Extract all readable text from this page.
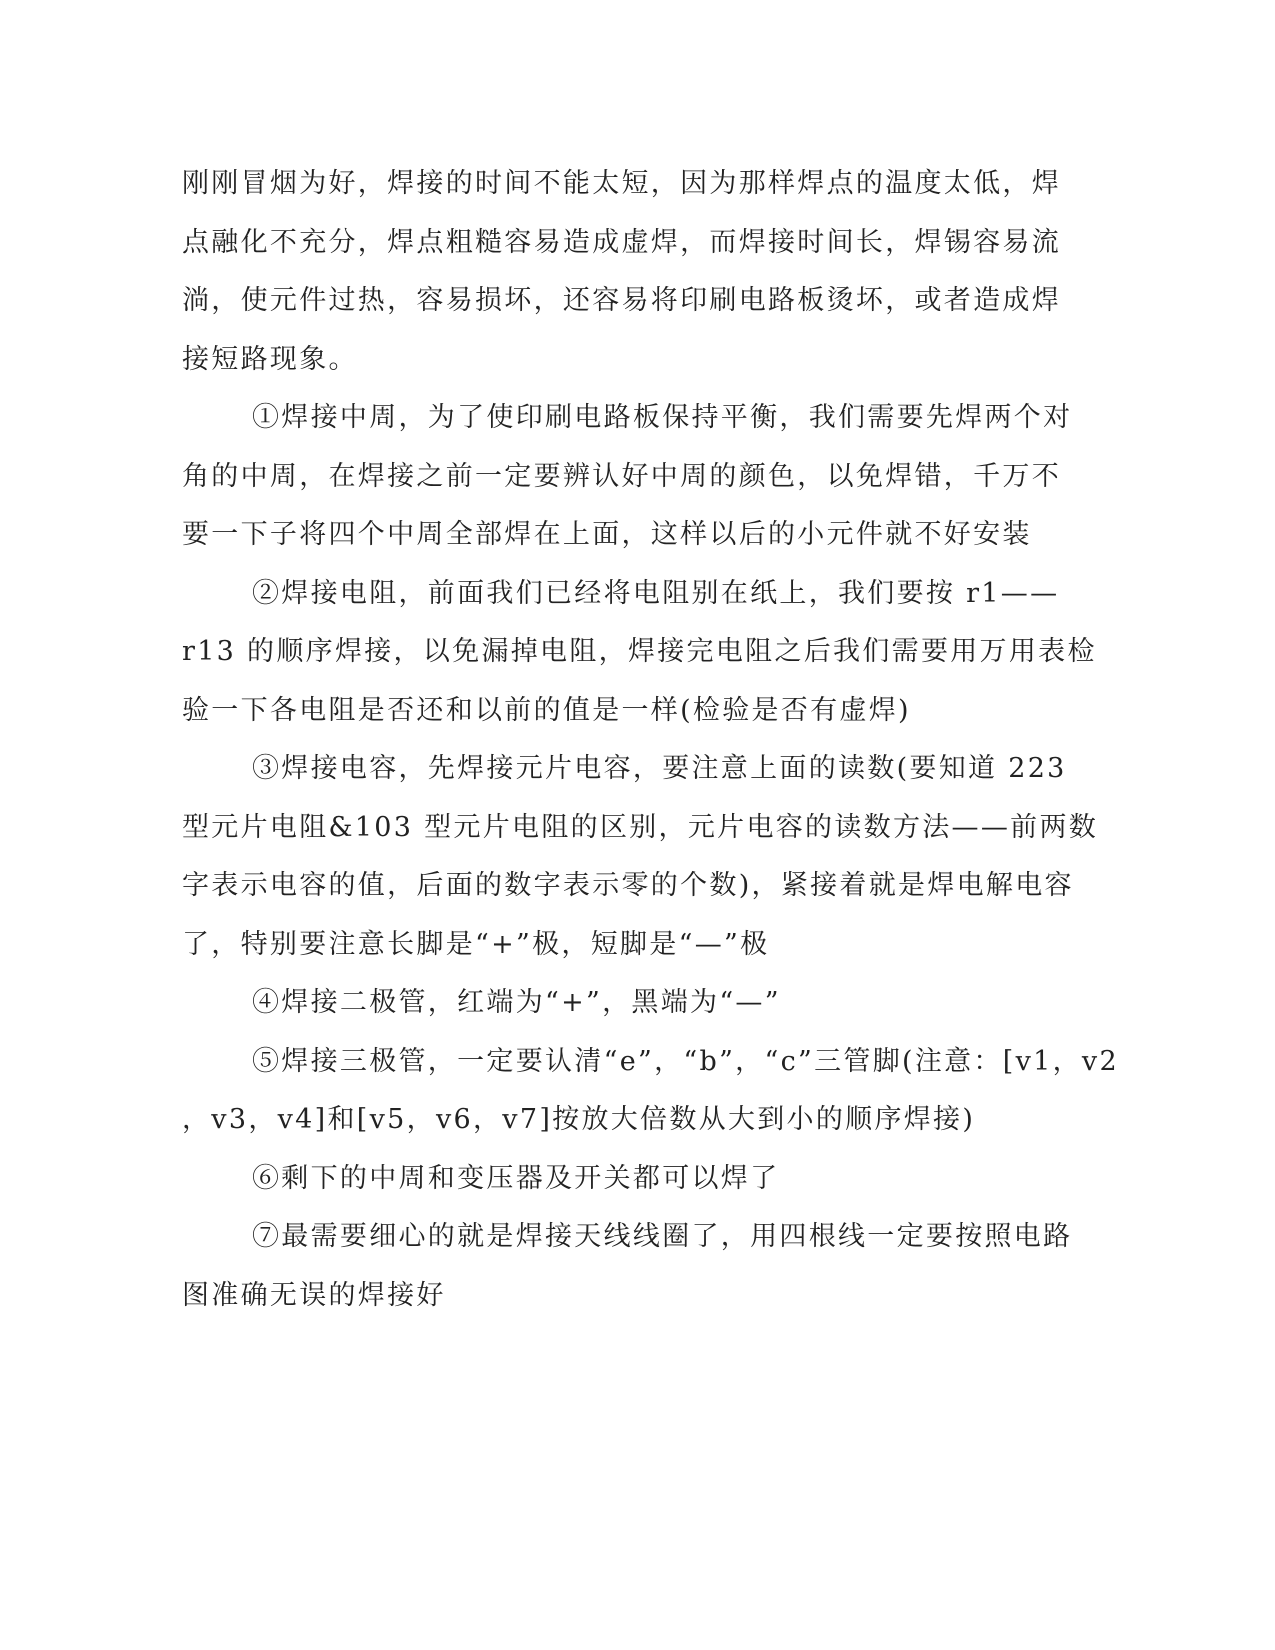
刚刚冒烟为好，焊接的时间不能太短，因为那样焊点的温度太低，焊
点融化不充分，焊点粗糙容易造成虚焊，而焊接时间长，焊锡容易流
淌，使元件过热，容易损坏，还容易将印刷电路板烫坏，或者造成焊
接短路现象。

①焊接中周，为了使印刷电路板保持平衡，我们需要先焊两个对
角的中周，在焊接之前一定要辨认好中周的颜色，以免焊错，千万不
要一下子将四个中周全部焊在上面，这样以后的小元件就不好安装

②焊接电阻，前面我们已经将电阻别在纸上，我们要按 r1——
r13 的顺序焊接，以免漏掉电阻，焊接完电阻之后我们需要用万用表检
验一下各电阻是否还和以前的值是一样(检验是否有虚焊)

③焊接电容，先焊接元片电容，要注意上面的读数(要知道 223
型元片电阻&103 型元片电阻的区别，元片电容的读数方法——前两数
字表示电容的值，后面的数字表示零的个数)，紧接着就是焊电解电容
了，特别要注意长脚是“+”极，短脚是“—”极

④焊接二极管，红端为“+”，黑端为“—”

⑤焊接三极管，一定要认清“e”，“b”，“c”三管脚(注意：[v1，v2
，v3，v4]和[v5，v6，v7]按放大倍数从大到小的顺序焊接)

⑥剩下的中周和变压器及开关都可以焊了

⑦最需要细心的就是焊接天线线圈了，用四根线一定要按照电路
图准确无误的焊接好
